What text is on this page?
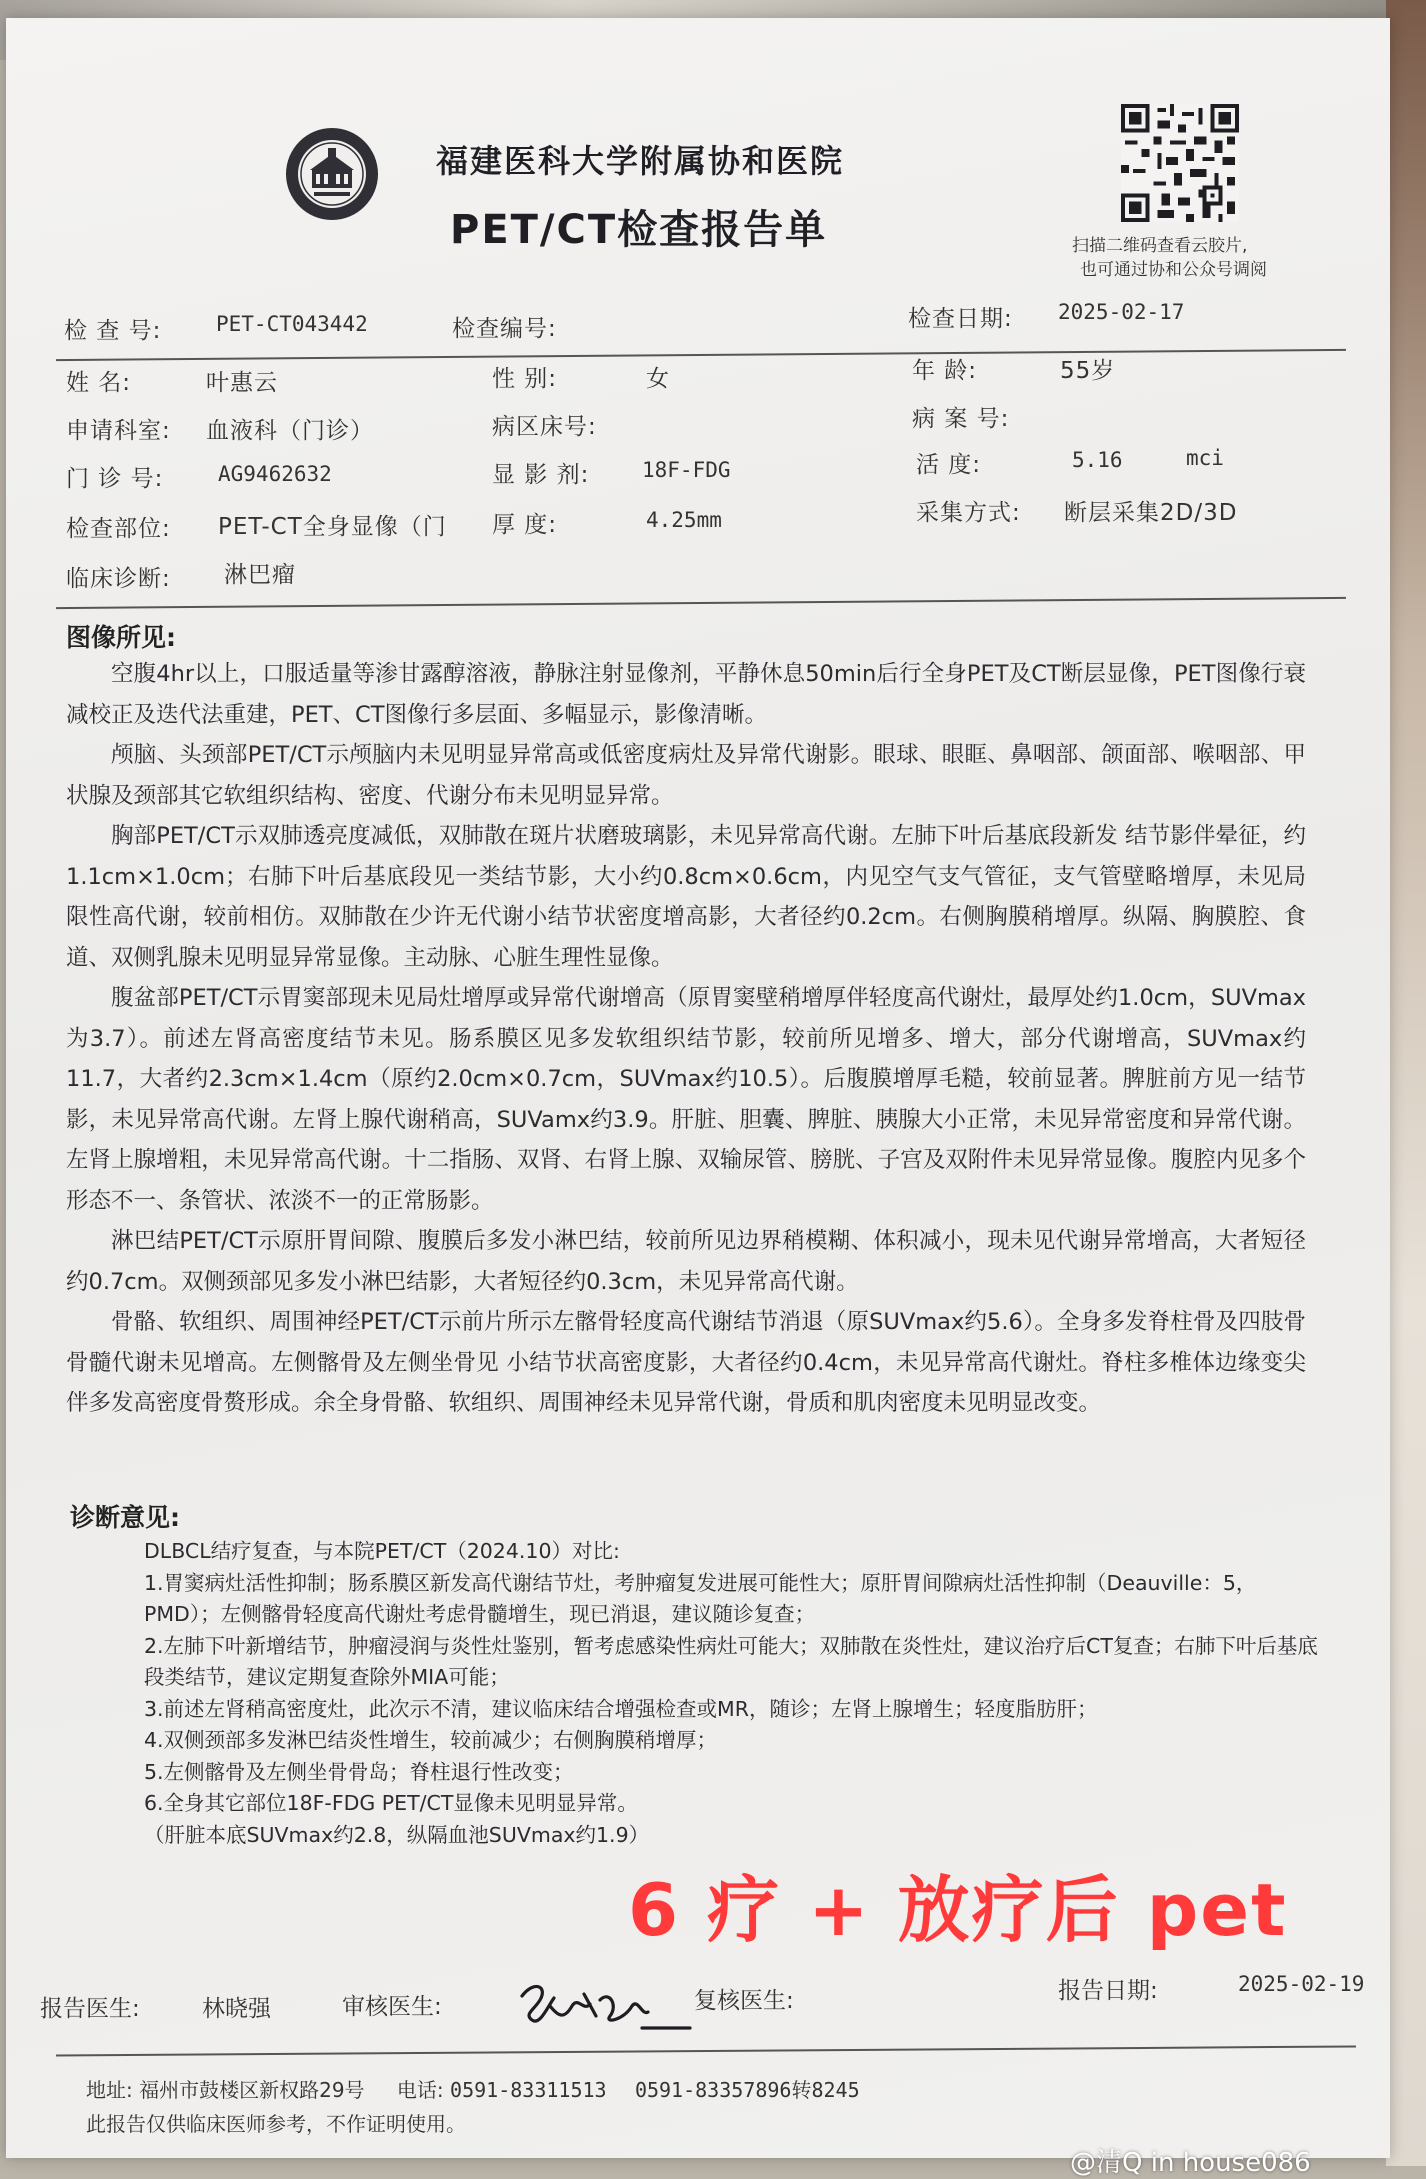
福建医科大学附属协和医院
PET/CT检查报告单	扫描二维码查看云胶片,
也可通过协和公众号调阅
检 查 号:	PET-CT043442	检查编号:	检查日期: 2025-02-17
姓 名:	叶惠云	性 别:	女	年 龄:	55岁
申请科室: 血液科（门诊）	病区床号:	病 案 号:
门 诊 号:	AG9462632	显 影 剂:	18F-FDG	活 度:	5.16	mci
检查部位: PET-CT全身显像（门 厚 度:	4.25mm	采集方式: 断层采集2D/3D
临床诊断: 淋巴瘤
图像所见:

空腹4hr以上，口服适量等渗甘露醇溶液，静脉注射显像剂，平静休息50min后行全身PET及CT断层显像，PET图像行衰减校正及迭代法重建，PET、CT图像行多层面、多幅显示，影像清晰。

颅脑、头颈部PET/CT示颅脑内未见明显异常高或低密度病灶及异常代谢影。眼球、眼眶、鼻咽部、颌面部、喉咽部、甲状腺及颈部其它软组织结构、密度、代谢分布未见明显异常。

胸部PET/CT示双肺透亮度减低，双肺散在斑片状磨玻璃影，未见异常高代谢。左肺下叶后基底段新发 结节影伴晕征，约1.1cm×1.0cm；右肺下叶后基底段见一类结节影，大小约0.8cm×0.6cm，内见空气支气管征，支气管壁略增厚，未见局限性高代谢，较前相仿。双肺散在少许无代谢小结节状密度增高影，大者径约0.2cm。右侧胸膜稍增厚。纵隔、胸膜腔、食道、双侧乳腺未见明显异常显像。主动脉、心脏生理性显像。

腹盆部PET/CT示胃窦部现未见局灶增厚或异常代谢增高（原胃窦壁稍增厚伴轻度高代谢灶，最厚处约1.0cm，SUVmax为3.7）。前述左肾高密度结节未见。肠系膜区见多发软组织结节影，较前所见增多、增大，部分代谢增高，SUVmax约11.7，大者约2.3cm×1.4cm（原约2.0cm×0.7cm，SUVmax约10.5）。后腹膜增厚毛糙，较前显著。脾脏前方见一结节影，未见异常高代谢。左肾上腺代谢稍高，SUVamx约3.9。肝脏、胆囊、脾脏、胰腺大小正常，未见异常密度和异常代谢。左肾上腺增粗，未见异常高代谢。十二指肠、双肾、右肾上腺、双输尿管、膀胱、子宫及双附件未见异常显像。腹腔内见多个形态不一、条管状、浓淡不一的正常肠影。

淋巴结PET/CT示原肝胃间隙、腹膜后多发小淋巴结，较前所见边界稍模糊、体积减小，现未见代谢异常增高，大者短径约0.7cm。双侧颈部见多发小淋巴结影，大者短径约0.3cm，未见异常高代谢。

骨骼、软组织、周围神经PET/CT示前片所示左髂骨轻度高代谢结节消退（原SUVmax约5.6）。全身多发脊柱骨及四肢骨骨髓代谢未见增高。左侧髂骨及左侧坐骨见 小结节状高密度影，大者径约0.4cm，未见异常高代谢灶。脊柱多椎体边缘变尖伴多发高密度骨赘形成。余全身骨骼、软组织、周围神经未见异常代谢，骨质和肌肉密度未见明显改变。

诊断意见:

DLBCL结疗复查，与本院PET/CT（2024.10）对比:

1.胃窦病灶活性抑制；肠系膜区新发高代谢结节灶，考肿瘤复发进展可能性大；原肝胃间隙病灶活性抑制（Deauville：5，PMD）；左侧髂骨轻度高代谢灶考虑骨髓增生，现已消退，建议随诊复查；

2.左肺下叶新增结节，肿瘤浸润与炎性灶鉴别，暂考虑感染性病灶可能大；双肺散在炎性灶，建议治疗后CT复查；右肺下叶后基底段类结节，建议定期复查除外MIA可能；

3.前述左肾稍高密度灶，此次示不清，建议临床结合增强检查或MR，随诊；左肾上腺增生；轻度脂肪肝；

4.双侧颈部多发淋巴结炎性增生，较前减少；右侧胸膜稍增厚；

5.左侧髂骨及左侧坐骨骨岛；脊柱退行性改变；

6.全身其它部位18F-FDG PET/CT显像未见明显异常。

（肝脏本底SUVmax约2.8，纵隔血池SUVmax约1.9）

6 疗 + 放疗后 pet
报告医生:	林晓强	审核医生:	复核医生:	报告日期:	2025-02-19
地址: 福州市鼓楼区新权路29号 电话: 0591-83311513 0591-83357896转8245
此报告仅供临床医师参考，不作证明使用。
@清Q in house086
